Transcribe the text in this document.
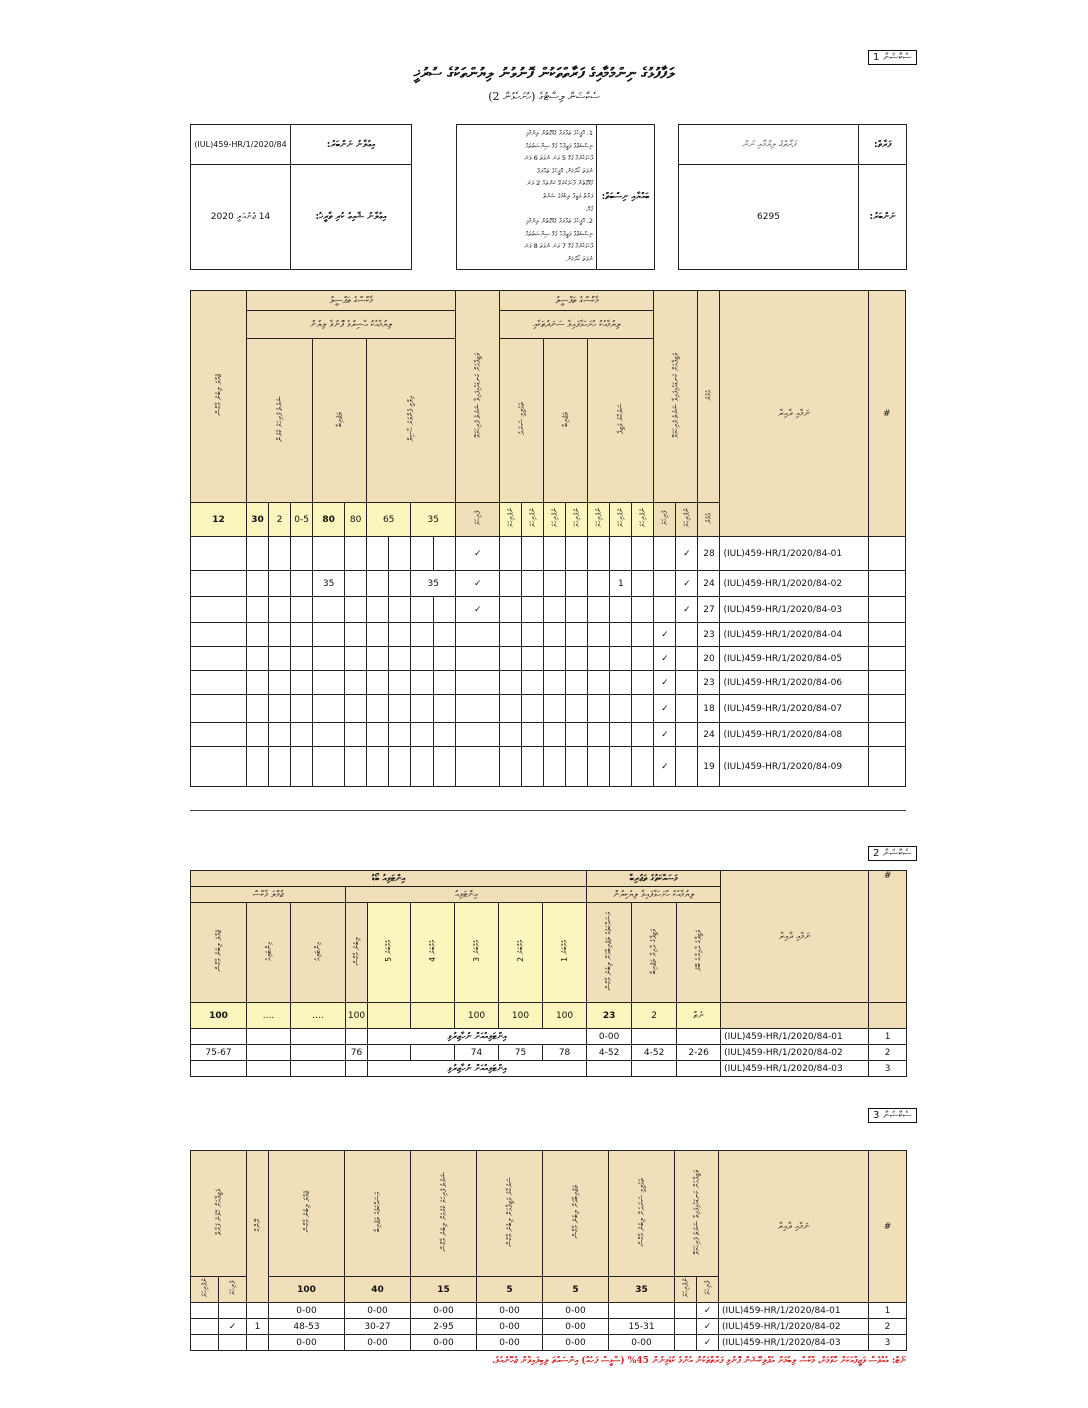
ސެކްޝަން 1
ސެކްޝަން 2
ސެކްޝަން 3
ލަފާފުޅުގެ ނިންމުމާއިގެ ފަރާތްތަކުން ފޮނުވުނު ލިޔުންތަކުގެ ސުރުޚީ
ސެކްޝަން ލިސްޓުގެ (ހުށަހެޅުން 2)
ފަރާތްގެ ލިޔުމާއި ނަން	ފަރާތް:
6295	ނަންބަރު:
1. އޮފީހުގެ ތަޢާރަފާ ގުޅޭގޮތުން ލިޔުމާއި
ނިސްބަތްވާ ވަޒީފާއާ ގުޅޭ ސިޔާސަތުތައް
ފާހަގަކުރުމާ ގުޅޭ 5 ވަނަ ނުވަތަ 6 ވަނަ
ނުވަތަ ހޯދުމަށް، އޮފީހުގެ ތަޢާރަފާ
ގުޅޭގޮތުން ފާހަގަކުރެވޭ ކަންތައް 2 ވަނަ
ފަރާތް ވަޒީފާ ލިބުމުގެ ޝަރުތު
ގުޅޭ.
2. އޮފީހުގެ ތަޢާރަފާ ގުޅޭގޮތުން ލިޔުމާއި
ނިސްބަތްވާ ވަޒީފާއާ ގުޅޭ ސިޔާސަތުތައް
ފާހަގަކުރުމާ ގުޅޭ 7 ވަނަ ނުވަތަ 8 ވަނަ
ނުވަތަ ހޯދުމަށް.
	ބައްޔާއި ނިސްބަތް:
(IUL)459-HR/1/2020/84	އިޢުލާނު ނަންބަރު:
14 ޖެނުއަރީ 2020	އިޢުލާނު ޝާއިޢު ކުރި ތާރީޚު:
ޖުމްލަ ލިބުނު މާކްސް	މާކްސްގެ ތަފްސީލު									ވަޒީފާއަށް ކަނޑައެޅިފައިވާ ޝަރުތު ފުރިހަމަވޭ	މާކްސްގެ ތަފްސީލު							ވަޒީފާއަށް ކަނޑައެޅިފައިވާ ޝަރުތު ފުރިހަމަވޭ		އުމުރު	ނަމާއި ދާއިރާ	#
	ލިޔުމާއެކު ޙާޟިރުވެ ފޮނުވާ ލިޔުން										ލިޔުމާއެކު ހުށަހަޅާފައިވާ ސަނަދުތަކާއި											
	ޝަރުތު ފުރިހަމަ ކުރުން			ތަޖުރިބާ		ޢިލްމީ ފެންވަރު ޙާޞިލް					ތަޢުލީމީ ސަނަދު		ތަޖުރިބާ		ސަރުކާރު ވަޒީފާ							
12	30	2	0-5	80	80	65		35		ފުރިހަމަ	ނުފުރިހަމަ	ނުފުރިހަމަ	ނުފުރިހަމަ	ނުފުރިހަމަ	ނުފުރިހަމަ	ނުފުރިހަމަ	ނުފުރިހަމަ	ފުރިހަމަ	ނުފުރިހަމަ	އުމުރު		
										✓									✓	28	(IUL)459-HR/1/2020/84-01	
				35				35		✓						1			✓	24	(IUL)459-HR/1/2020/84-02	
										✓									✓	27	(IUL)459-HR/1/2020/84-03	
																		✓		23	(IUL)459-HR/1/2020/84-04	
																		✓		20	(IUL)459-HR/1/2020/84-05	
																		✓		23	(IUL)459-HR/1/2020/84-06	
																		✓		18	(IUL)459-HR/1/2020/84-07	
																		✓		24	(IUL)459-HR/1/2020/84-08	
																		✓		19	(IUL)459-HR/1/2020/84-09	
އިންޓަވިއު ބޯޑު									މަސައްކަތުގެ ތަޖުރިބާ			ނަމާއި ދާއިރާ	#
ޖުމްލަ މާކްސް			އިންޓަވިއު						ލިޔުމާއެކު ހުށަހަޅާފައިވާ ލިޔެކިޔުން				
ޖުމްލަ ލިބުނު މާކްސް	އިންޓަވިއު	އިންޓަވިއު	ލިބުނު މާކްސް	މެމްބަރު 5	މެމްބަރު 4	މެމްބަރު 3	މެމްބަރު 2	މެމްބަރު 1	މަސައްކަތުގެ ތަޖުރިބާއަށް ލިބުނު މާކްސް	ވަޒީފާގެ ދާއިރާ ތަޖުރިބާ	ވަޒީފާގެ ދާއިރާގެ ބޭރު		
100	....	....	100			100	100	100	23	2	ނެތް		
				އިންޓަވިއުއަށް ނުހާޒިރުވި					0-00			(IUL)459-HR/1/2020/84-01	1
75-67			76			74	75	78	4-52	4-52	2-26	(IUL)459-HR/1/2020/84-02	2
				އިންޓަވިއުއަށް ނުހާޒިރުވި								(IUL)459-HR/1/2020/84-03	3
ވަޒީފާއަށް ހޮވުނު ފަރާތް		ރޭންކް	ޖުމްލަ ލިބުނު މާކްސް	މަސައްކަތުގެ ތަޖުރިބާ	ޝަރުތު ފުރިހަމަ ކުރުމަށް ލިބުނު މާކްސް	ސަރުކާރު ވަޒީފާއަށް ލިބުނު މާކްސް	ތަޖުރިބާއަށް ލިބުނު މާކްސް	ތަޢުލީމީ ސަނަދަށް ލިބުނު މާކްސް	ވަޒީފާއަށް ކަނޑައެޅިފައިވާ ޝަރުތު ފުރިހަމަވޭ		ނަމާއި ދާއިރާ	#
ނުފުރިހަމަ	ފުރިހަމަ		100	40	15	5	5	35	ނުފުރިހަމަ	ފުރިހަމަ		
			0-00	0-00	0-00	0-00	0-00			✓	(IUL)459-HR/1/2020/84-01	1
	✓	1	48-53	30-27	2-95	0-00	0-00	15-31		✓	(IUL)459-HR/1/2020/84-02	2
			0-00	0-00	0-00	0-00	0-00	0-00		✓	(IUL)459-HR/1/2020/84-03	3
ނޯޓް: އެއްވެސް ވަޒީފާއަކަށް ހޮވުމަށް، މާކްސް ލިބުމަށް އެޕްލިކޭޝަން ފޮނުވި ފަރާތްތަކުން އެންމެ ކުޑަމިނުން 45% (ސާޅީސް ފަހެއް) އިންސައްތަ ލިބިފައިވާން ޖެހޭނެއެވެ.
